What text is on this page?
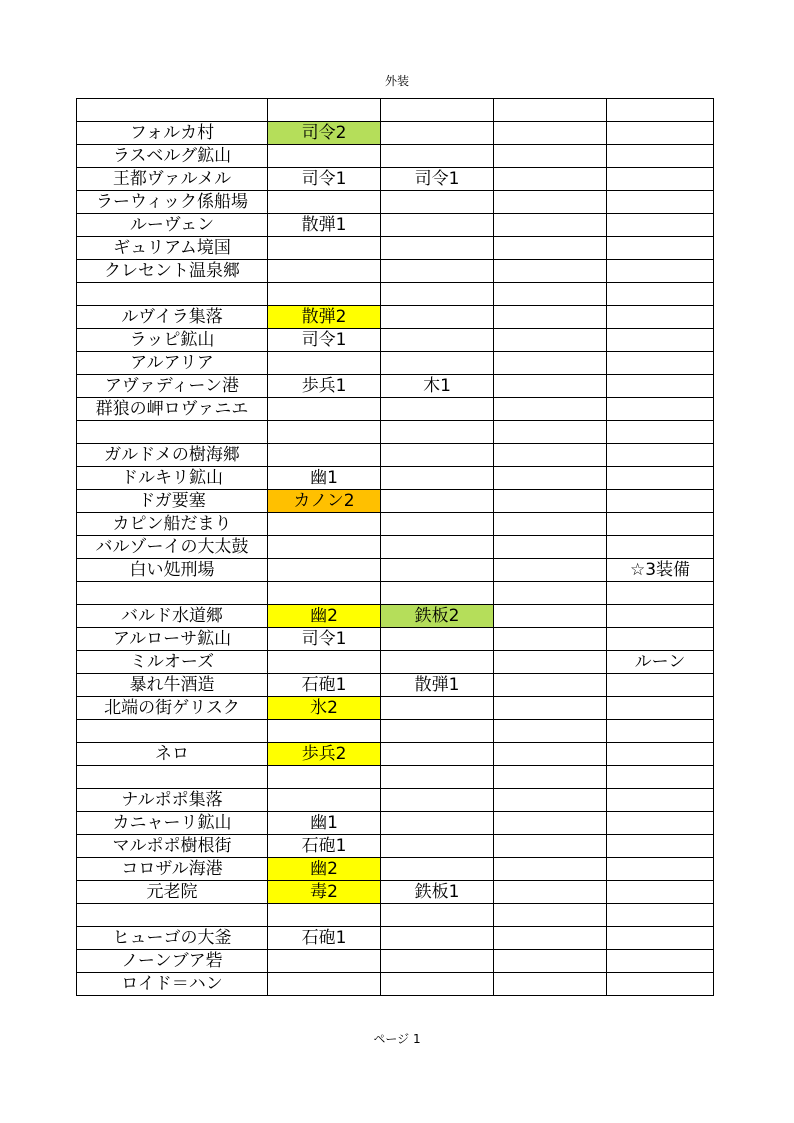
外装

フォルカ村	司令2			
ラスベルグ鉱山				
王都ヴァルメル	司令1	司令1		
ラーウィック係船場				
ルーヴェン	散弾1			
ギュリアム境国				
クレセント温泉郷				

ルヴイラ集落	散弾2			
ラッピ鉱山	司令1			
アルアリア				
アヴァディーン港	歩兵1	木1		
群狼の岬ロヴァニエ				

ガルドメの樹海郷				
ドルキリ鉱山	幽1			
ドガ要塞	カノン2			
カピン船だまり				
バルゾーイの大太鼓				
白い処刑場				☆3装備

バルド水道郷	幽2	鉄板2		
アルローサ鉱山	司令1			
ミルオーズ				ルーン
暴れ牛酒造	石砲1	散弾1		
北端の街ゲリスク	氷2			

ネロ	歩兵2			

ナルポポ集落				
カニャーリ鉱山	幽1			
マルポポ樹根街	石砲1			
コロザル海港	幽2			
元老院	毒2	鉄板1		

ヒューゴの大釜	石砲1			
ノーンブア砦				
ロイド＝ハン				
ページ 1
